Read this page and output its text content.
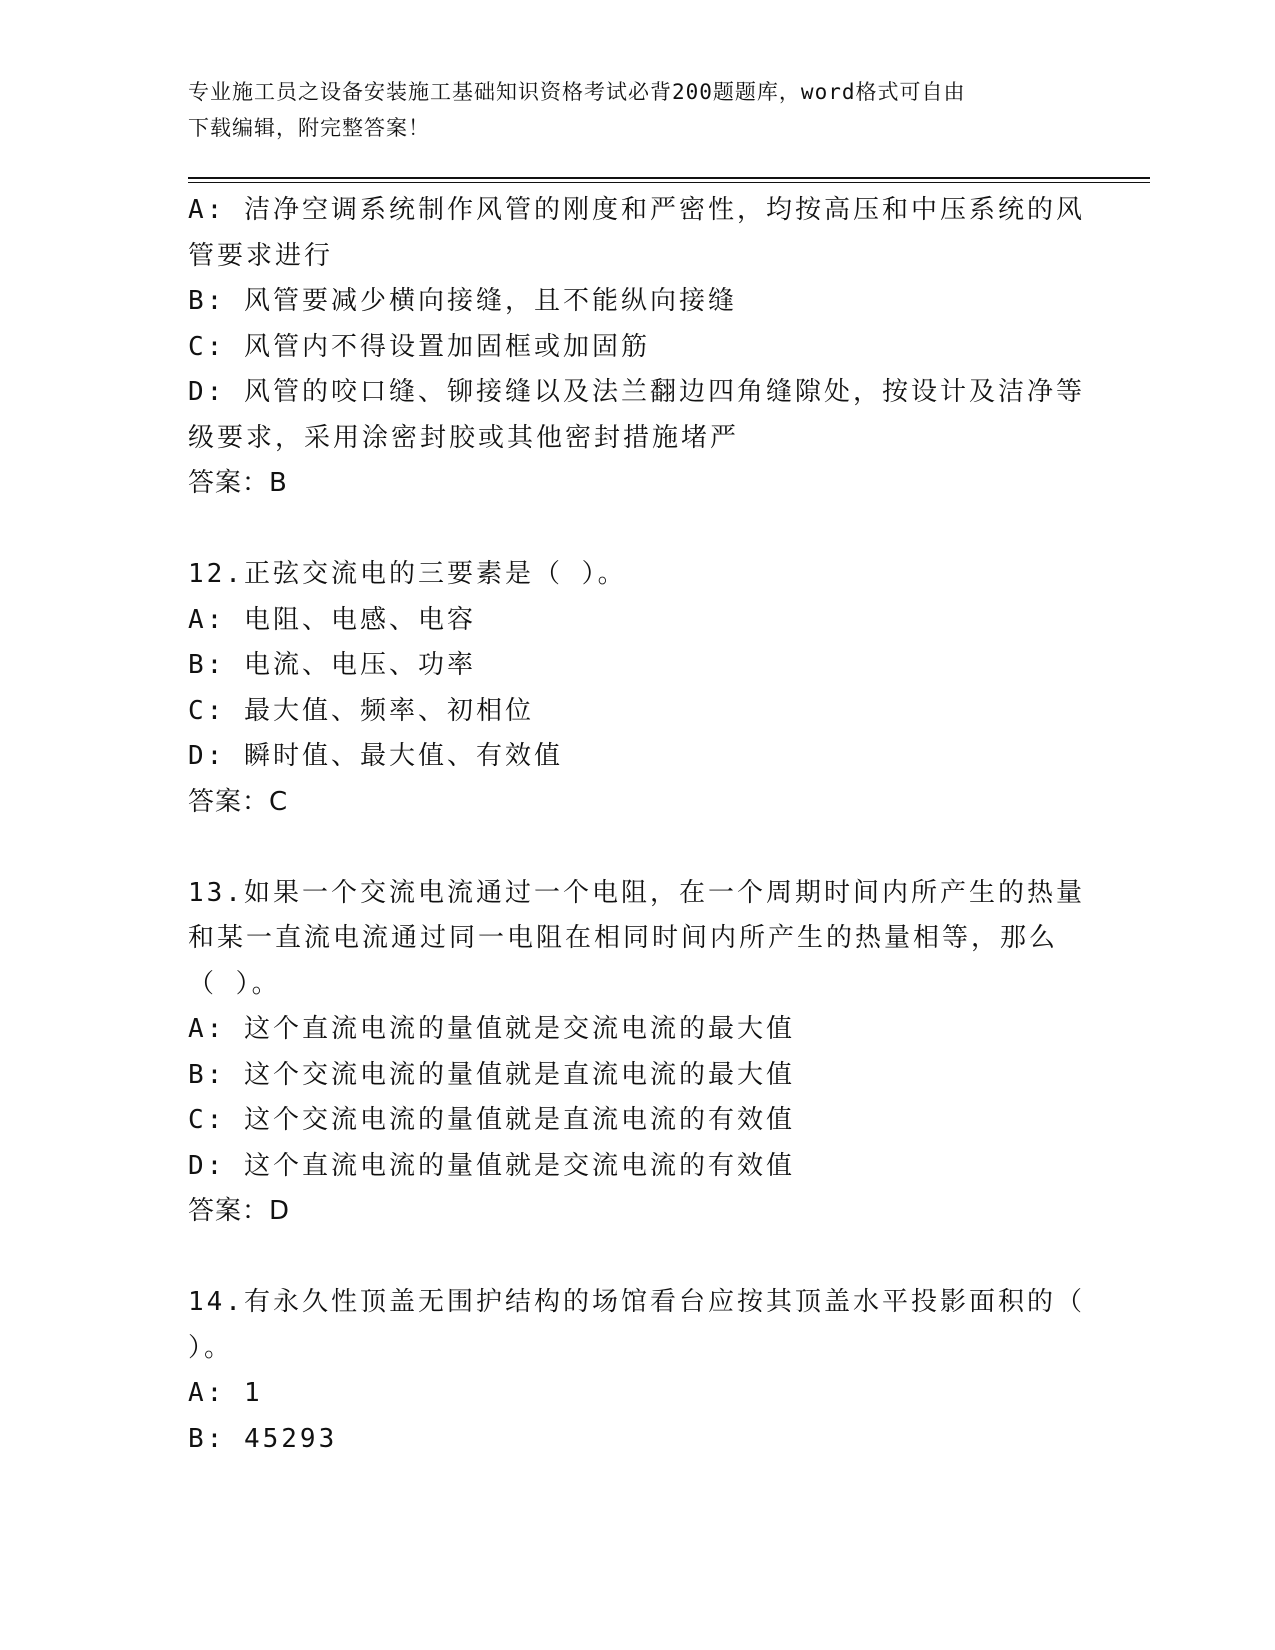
专业施工员之设备安装施工基础知识资格考试必背200题题库，word格式可自由
下载编辑，附完整答案！
A: 洁净空调系统制作风管的刚度和严密性，均按高压和中压系统的风
管要求进行
B: 风管要减少横向接缝，且不能纵向接缝
C: 风管内不得设置加固框或加固筋
D: 风管的咬口缝、铆接缝以及法兰翻边四角缝隙处，按设计及洁净等
级要求，采用涂密封胶或其他密封措施堵严
答案：B
12.正弦交流电的三要素是（ ）。
A: 电阻、电感、电容
B: 电流、电压、功率
C: 最大值、频率、初相位
D: 瞬时值、最大值、有效值
答案：C
13.如果一个交流电流通过一个电阻，在一个周期时间内所产生的热量
和某一直流电流通过同一电阻在相同时间内所产生的热量相等，那么
（ ）。
A: 这个直流电流的量值就是交流电流的最大值
B: 这个交流电流的量值就是直流电流的最大值
C: 这个交流电流的量值就是直流电流的有效值
D: 这个直流电流的量值就是交流电流的有效值
答案：D
14.有永久性顶盖无围护结构的场馆看台应按其顶盖水平投影面积的（
）。
A: 1
B: 45293
